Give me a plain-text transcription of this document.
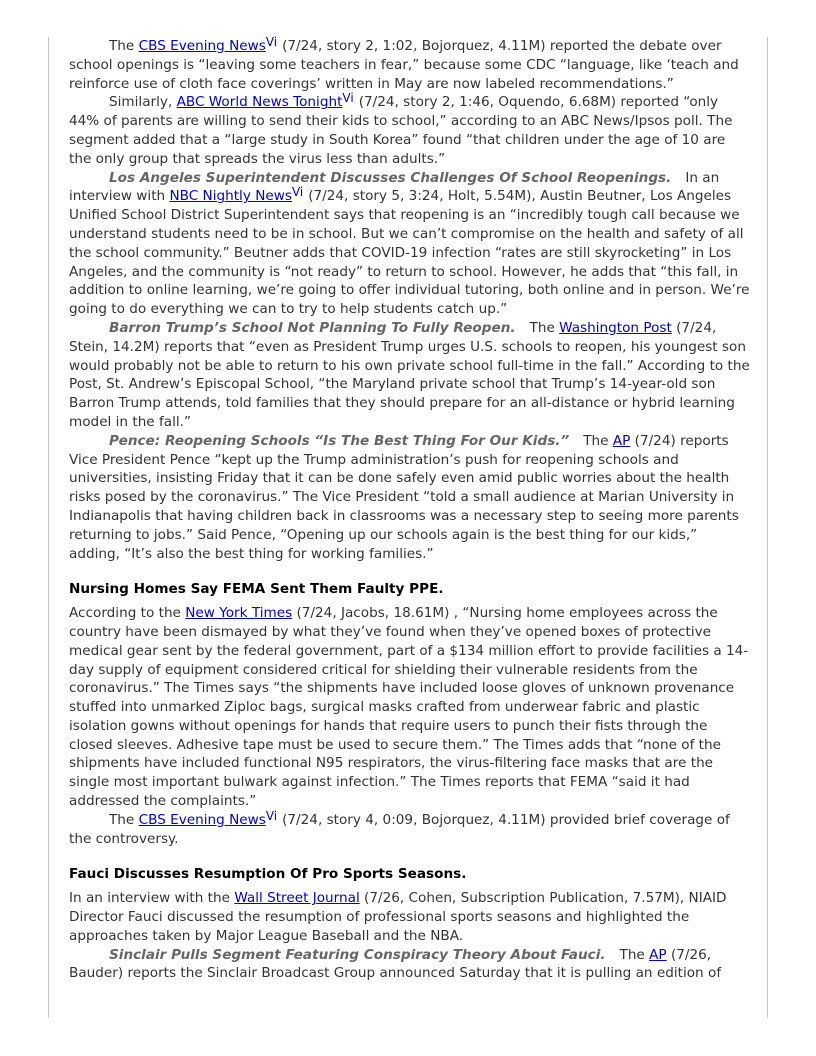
The CBS Evening News$^{Vi}$ (7/24, story 2, 1:02, Bojorquez, 4.11M) reported the debate over school openings is “leaving some teachers in fear,” because some CDC “language, like ‘teach and reinforce use of cloth face coverings’ written in May are now labeled recommendations.”

Similarly, ABC World News Tonight$^{Vi}$ (7/24, story 2, 1:46, Oquendo, 6.68M) reported “only 44% of parents are willing to send their kids to school,” according to an ABC News/Ipsos poll. The segment added that a “large study in South Korea” found “that children under the age of 10 are the only group that spreads the virus less than adults.”

Los Angeles Superintendent Discusses Challenges Of School Reopenings. In an interview with NBC Nightly News$^{Vi}$ (7/24, story 5, 3:24, Holt, 5.54M), Austin Beutner, Los Angeles Unified School District Superintendent says that reopening is an “incredibly tough call because we understand students need to be in school. But we can’t compromise on the health and safety of all the school community.” Beutner adds that COVID-19 infection “rates are still skyrocketing” in Los Angeles, and the community is “not ready” to return to school. However, he adds that “this fall, in addition to online learning, we’re going to offer individual tutoring, both online and in person. We’re going to do everything we can to try to help students catch up.”

Barron Trump’s School Not Planning To Fully Reopen. The Washington Post (7/24, Stein, 14.2M) reports that “even as President Trump urges U.S. schools to reopen, his youngest son would probably not be able to return to his own private school full-time in the fall.” According to the Post, St. Andrew’s Episcopal School, “the Maryland private school that Trump’s 14-year-old son Barron Trump attends, told families that they should prepare for an all-distance or hybrid learning model in the fall.”

Pence: Reopening Schools “Is The Best Thing For Our Kids.” The AP (7/24) reports Vice President Pence “kept up the Trump administration’s push for reopening schools and universities, insisting Friday that it can be done safely even amid public worries about the health risks posed by the coronavirus.” The Vice President “told a small audience at Marian University in Indianapolis that having children back in classrooms was a necessary step to seeing more parents returning to jobs.” Said Pence, “Opening up our schools again is the best thing for our kids,” adding, “It’s also the best thing for working families.”

Nursing Homes Say FEMA Sent Them Faulty PPE.

According to the New York Times (7/24, Jacobs, 18.61M) , “Nursing home employees across the country have been dismayed by what they’ve found when they’ve opened boxes of protective medical gear sent by the federal government, part of a $134 million effort to provide facilities a 14-day supply of equipment considered critical for shielding their vulnerable residents from the coronavirus.” The Times says “the shipments have included loose gloves of unknown provenance stuffed into unmarked Ziploc bags, surgical masks crafted from underwear fabric and plastic isolation gowns without openings for hands that require users to punch their fists through the closed sleeves. Adhesive tape must be used to secure them.” The Times adds that “none of the shipments have included functional N95 respirators, the virus-filtering face masks that are the single most important bulwark against infection.” The Times reports that FEMA “said it had addressed the complaints.”

The CBS Evening News$^{Vi}$ (7/24, story 4, 0:09, Bojorquez, 4.11M) provided brief coverage of the controversy.

Fauci Discusses Resumption Of Pro Sports Seasons.

In an interview with the Wall Street Journal (7/26, Cohen, Subscription Publication, 7.57M), NIAID Director Fauci discussed the resumption of professional sports seasons and highlighted the approaches taken by Major League Baseball and the NBA.

Sinclair Pulls Segment Featuring Conspiracy Theory About Fauci. The AP (7/26, Bauder) reports the Sinclair Broadcast Group announced Saturday that it is pulling an edition of
